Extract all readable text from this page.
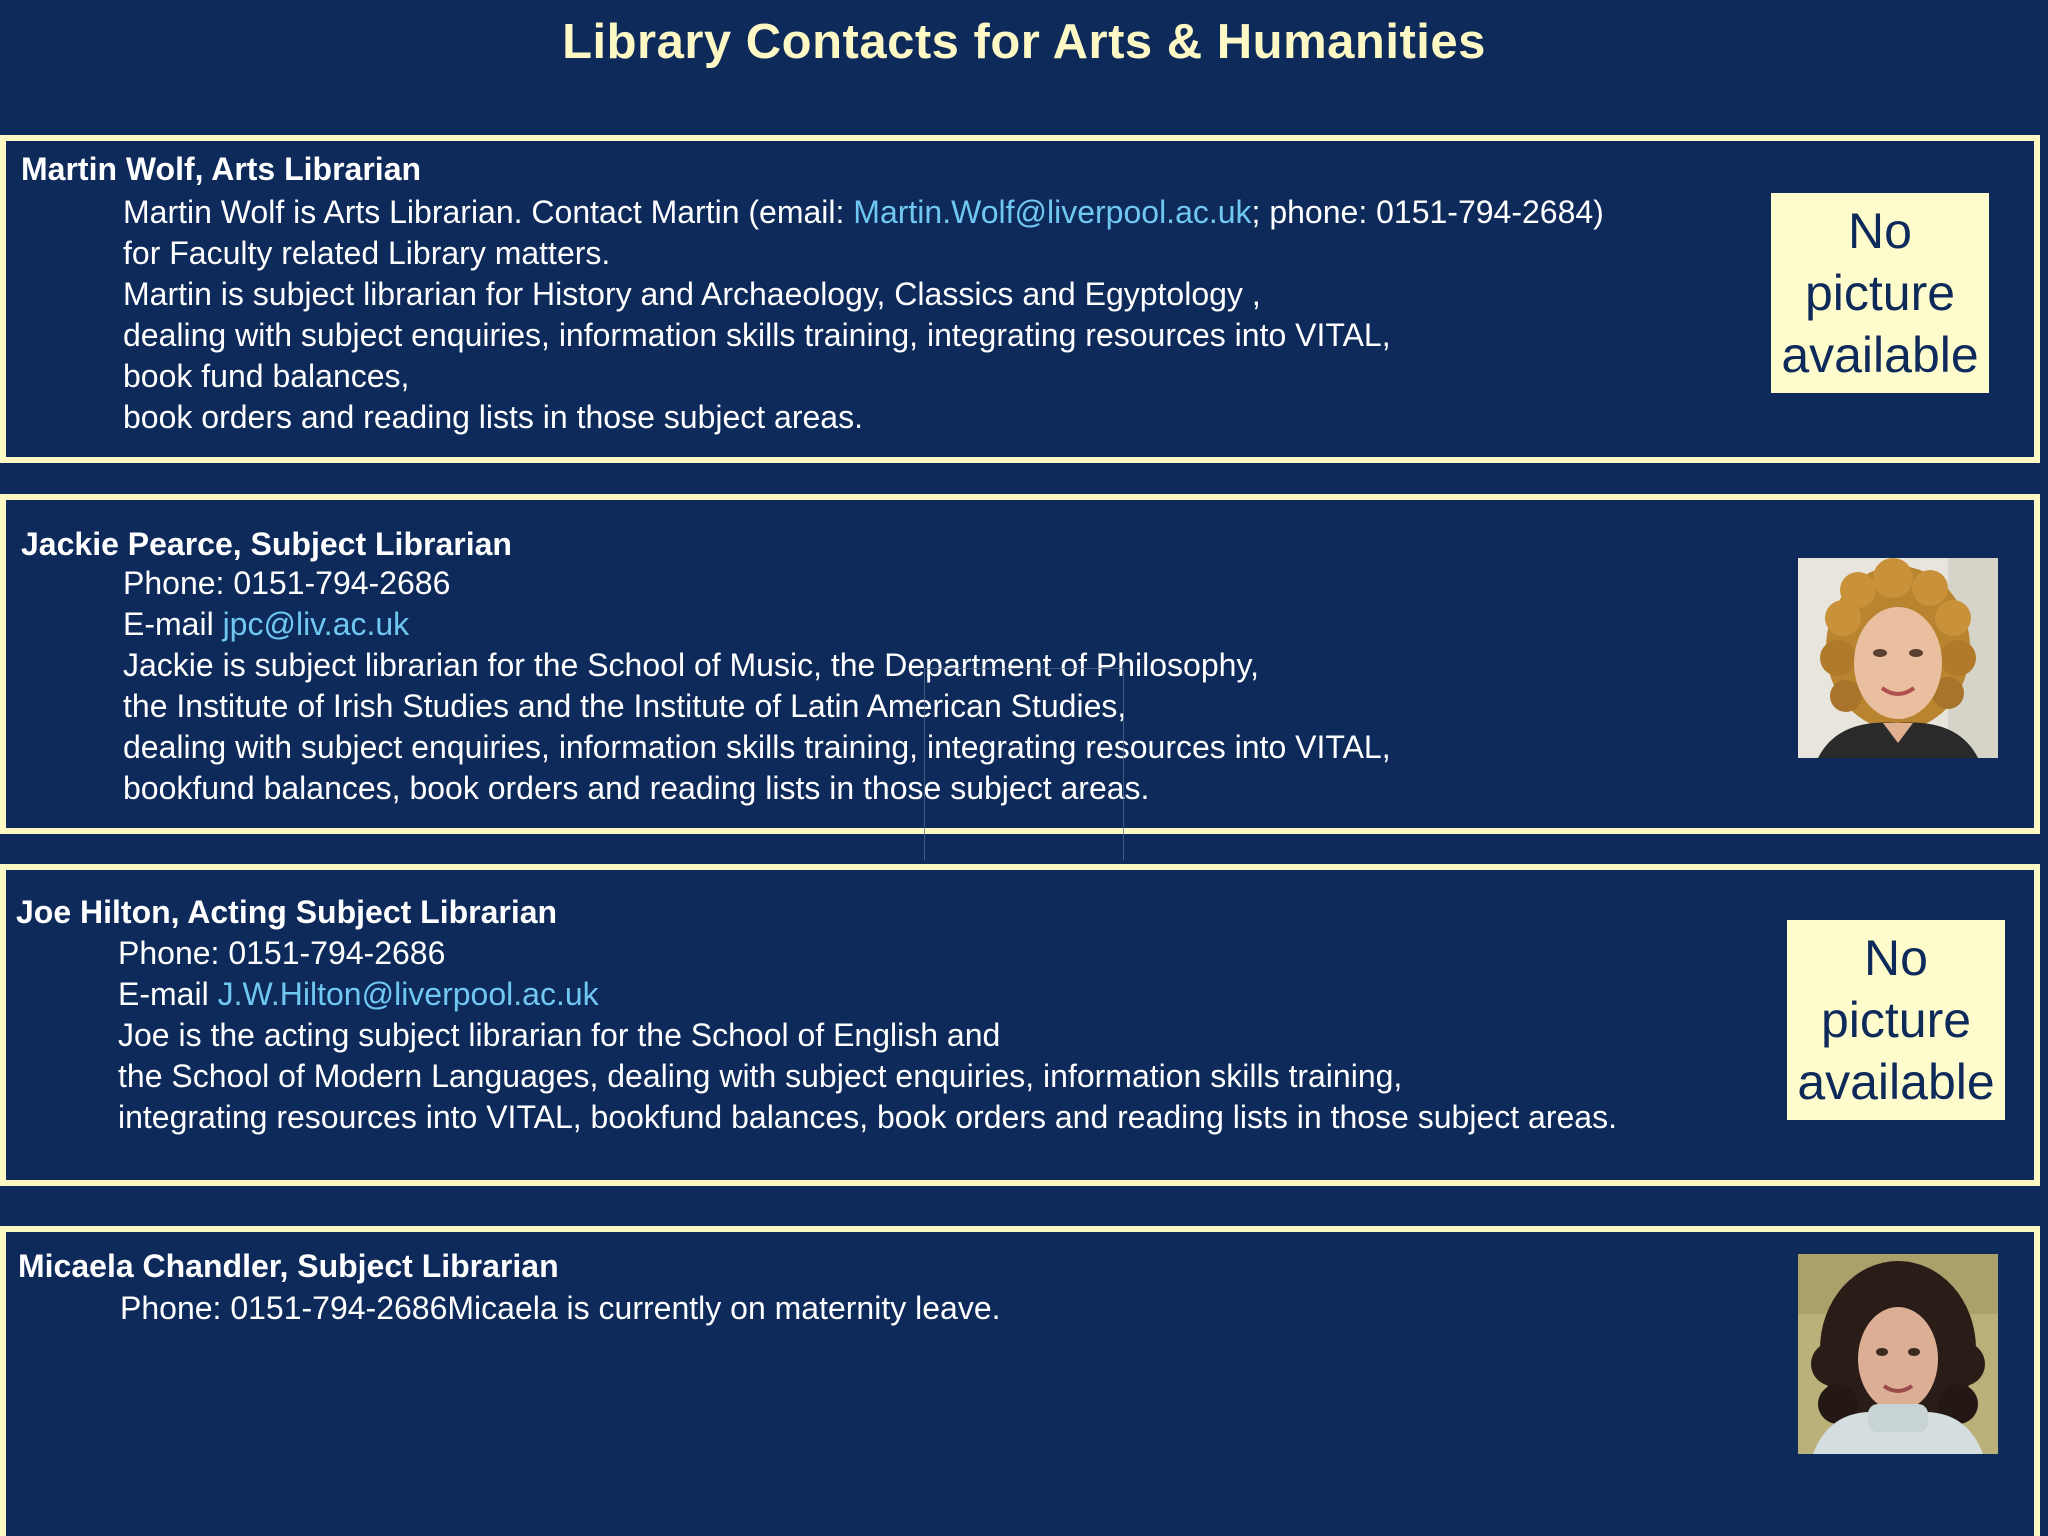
Library Contacts for Arts & Humanities
Martin Wolf, Arts Librarian
Martin Wolf is Arts Librarian. Contact Martin (email: Martin.Wolf@liverpool.ac.uk; phone: 0151-794-2684)
for Faculty related Library matters.
Martin is subject librarian for History and Archaeology, Classics and Egyptology ,
dealing with subject enquiries, information skills training, integrating resources into VITAL,
book fund balances,
book orders and reading lists in those subject areas.
No
picture
available
Jackie Pearce, Subject Librarian
Phone: 0151-794-2686
E-mail jpc@liv.ac.uk
Jackie is subject librarian for the School of Music, the Department of Philosophy,
the Institute of Irish Studies and the Institute of Latin American Studies,
dealing with subject enquiries, information skills training, integrating resources into VITAL,
bookfund balances, book orders and reading lists in those subject areas.
Joe Hilton, Acting Subject Librarian
Phone: 0151-794-2686
E-mail J.W.Hilton@liverpool.ac.uk
Joe is the acting subject librarian for the School of English and
the School of Modern Languages, dealing with subject enquiries, information skills training,
integrating resources into VITAL, bookfund balances, book orders and reading lists in those subject areas.
No
picture
available
Micaela Chandler, Subject Librarian
Phone: 0151-794-2686Micaela is currently on maternity leave.
